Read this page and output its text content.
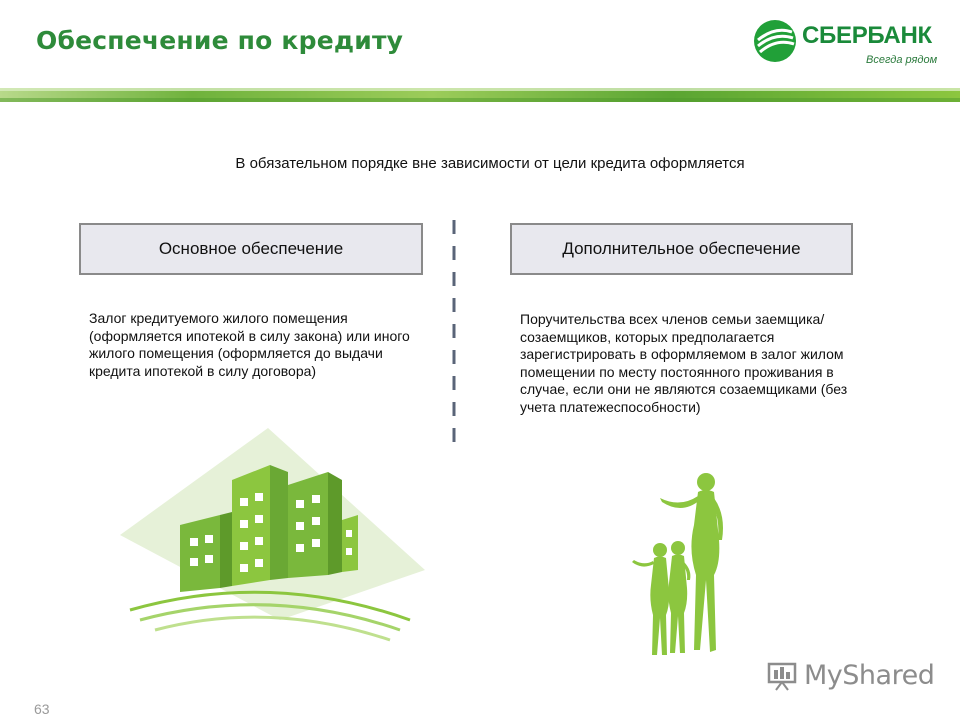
Обеспечение по кредиту	СБЕРБАНК
Всегда рядом
В обязательном порядке вне зависимости от цели кредита оформляется
Основное обеспечение	Дополнительное обеспечение

Залог кредитуемого жилого помещения (оформляется ипотекой в силу закона) или иного жилого помещения (оформляется до выдачи кредита ипотекой в силу договора)

Поручительства всех членов семьи заемщика/созаемщиков, которых предполагается зарегистрировать в оформляемом в залог жилом помещении по месту постоянного проживания в случае, если они не являются созаемщиками (без учета платежеспособности)

MyShared
63
